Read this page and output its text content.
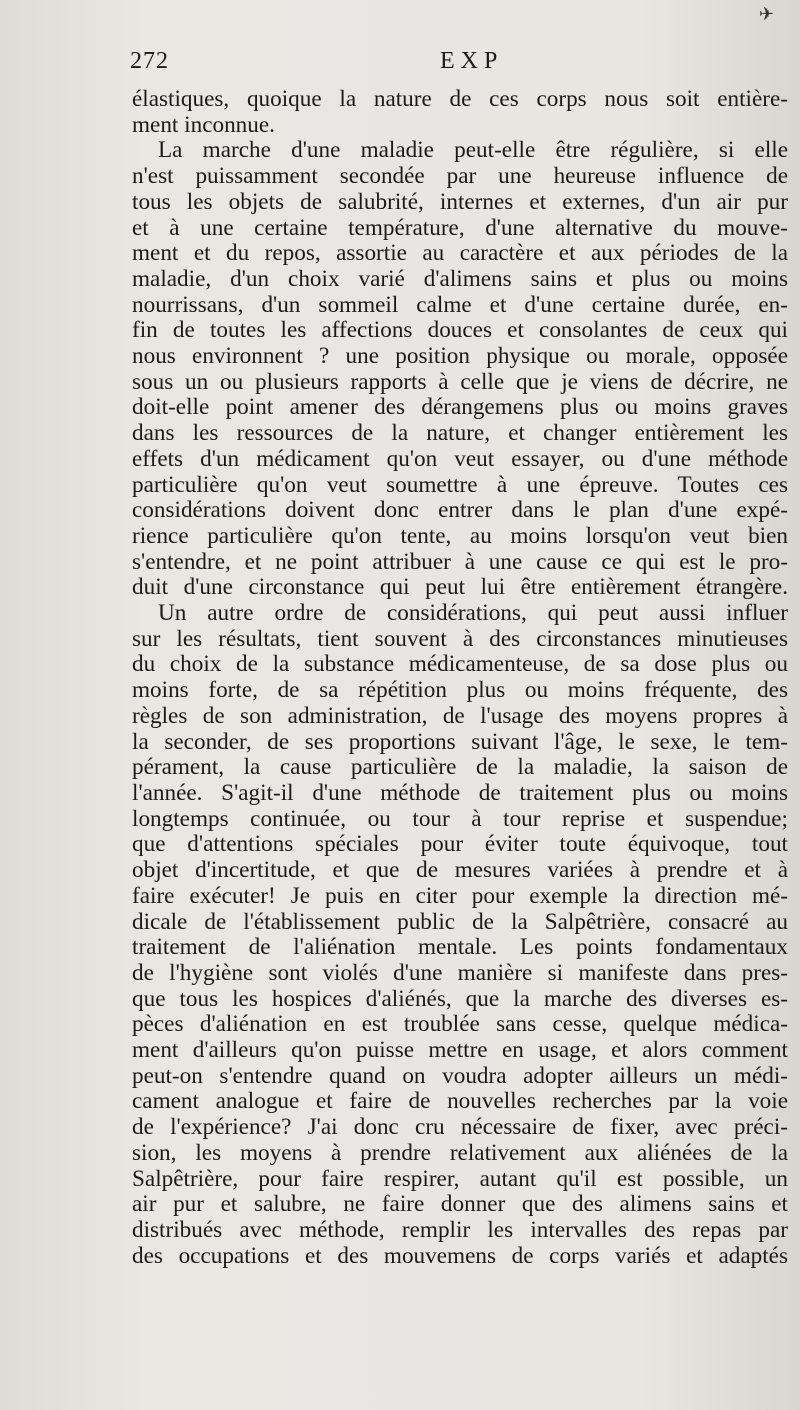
✈
272	EXP

élastiques, quoique la nature de ces corps nous soit entière-
ment inconnue.

La marche d'une maladie peut-elle être régulière, si elle
n'est puissamment secondée par une heureuse influence de
tous les objets de salubrité, internes et externes, d'un air pur
et à une certaine température, d'une alternative du mouve-
ment et du repos, assortie au caractère et aux périodes de la
maladie, d'un choix varié d'alimens sains et plus ou moins
nourrissans, d'un sommeil calme et d'une certaine durée, en-
fin de toutes les affections douces et consolantes de ceux qui
nous environnent ? une position physique ou morale, opposée
sous un ou plusieurs rapports à celle que je viens de décrire, ne
doit-elle point amener des dérangemens plus ou moins graves
dans les ressources de la nature, et changer entièrement les
effets d'un médicament qu'on veut essayer, ou d'une méthode
particulière qu'on veut soumettre à une épreuve. Toutes ces
considérations doivent donc entrer dans le plan d'une expé-
rience particulière qu'on tente, au moins lorsqu'on veut bien
s'entendre, et ne point attribuer à une cause ce qui est le pro-
duit d'une circonstance qui peut lui être entièrement étrangère.

Un autre ordre de considérations, qui peut aussi influer
sur les résultats, tient souvent à des circonstances minutieuses
du choix de la substance médicamenteuse, de sa dose plus ou
moins forte, de sa répétition plus ou moins fréquente, des
règles de son administration, de l'usage des moyens propres à
la seconder, de ses proportions suivant l'âge, le sexe, le tem-
pérament, la cause particulière de la maladie, la saison de
l'année. S'agit-il d'une méthode de traitement plus ou moins
longtemps continuée, ou tour à tour reprise et suspendue;
que d'attentions spéciales pour éviter toute équivoque, tout
objet d'incertitude, et que de mesures variées à prendre et à
faire exécuter! Je puis en citer pour exemple la direction mé-
dicale de l'établissement public de la Salpêtrière, consacré au
traitement de l'aliénation mentale. Les points fondamentaux
de l'hygiène sont violés d'une manière si manifeste dans pres-
que tous les hospices d'aliénés, que la marche des diverses es-
pèces d'aliénation en est troublée sans cesse, quelque médica-
ment d'ailleurs qu'on puisse mettre en usage, et alors comment
peut-on s'entendre quand on voudra adopter ailleurs un médi-
cament analogue et faire de nouvelles recherches par la voie
de l'expérience? J'ai donc cru nécessaire de fixer, avec préci-
sion, les moyens à prendre relativement aux aliénées de la
Salpêtrière, pour faire respirer, autant qu'il est possible, un
air pur et salubre, ne faire donner que des alimens sains et
distribués avec méthode, remplir les intervalles des repas par
des occupations et des mouvemens de corps variés et adaptés
